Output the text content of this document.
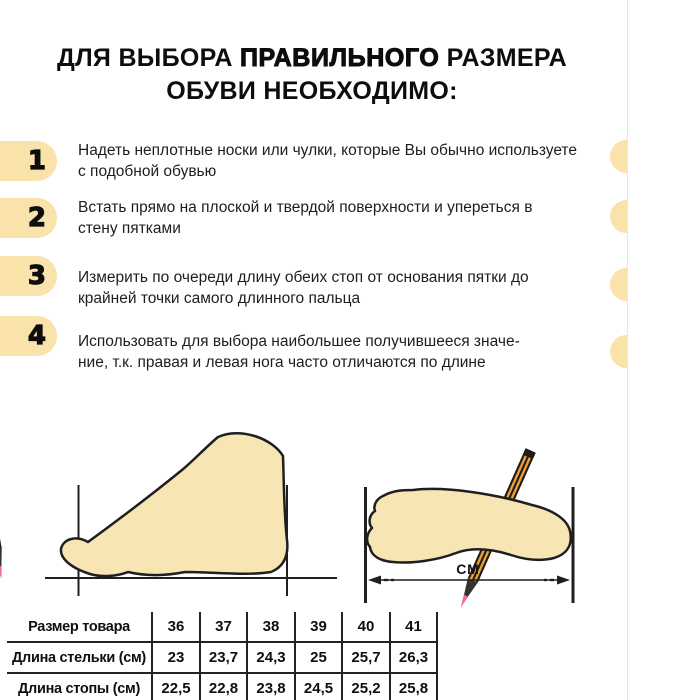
ДЛЯ ВЫБОРА ПРАВИЛЬНОГО РАЗМЕРА
ОБУВИ НЕОБХОДИМО:
1 Надеть неплотные носки или чулки, которые Вы обычно используете
с подобной обувью
2 Встать прямо на плоской и твердой поверхности и упереться в
стену пятками
3 Измерить по очереди длину обеих стоп от основания пятки до
крайней точки самого длинного пальца
4 Использовать для выбора наибольшее получившееся значе-
ние, т.к. правая и левая нога часто отличаются по длине
СМ
Размер товара	36	37	38	39	40	41
Длина стельки (см)	23	23,7	24,3	25	25,7	26,3
Длина стопы (см)	22,5	22,8	23,8	24,5	25,2	25,8
